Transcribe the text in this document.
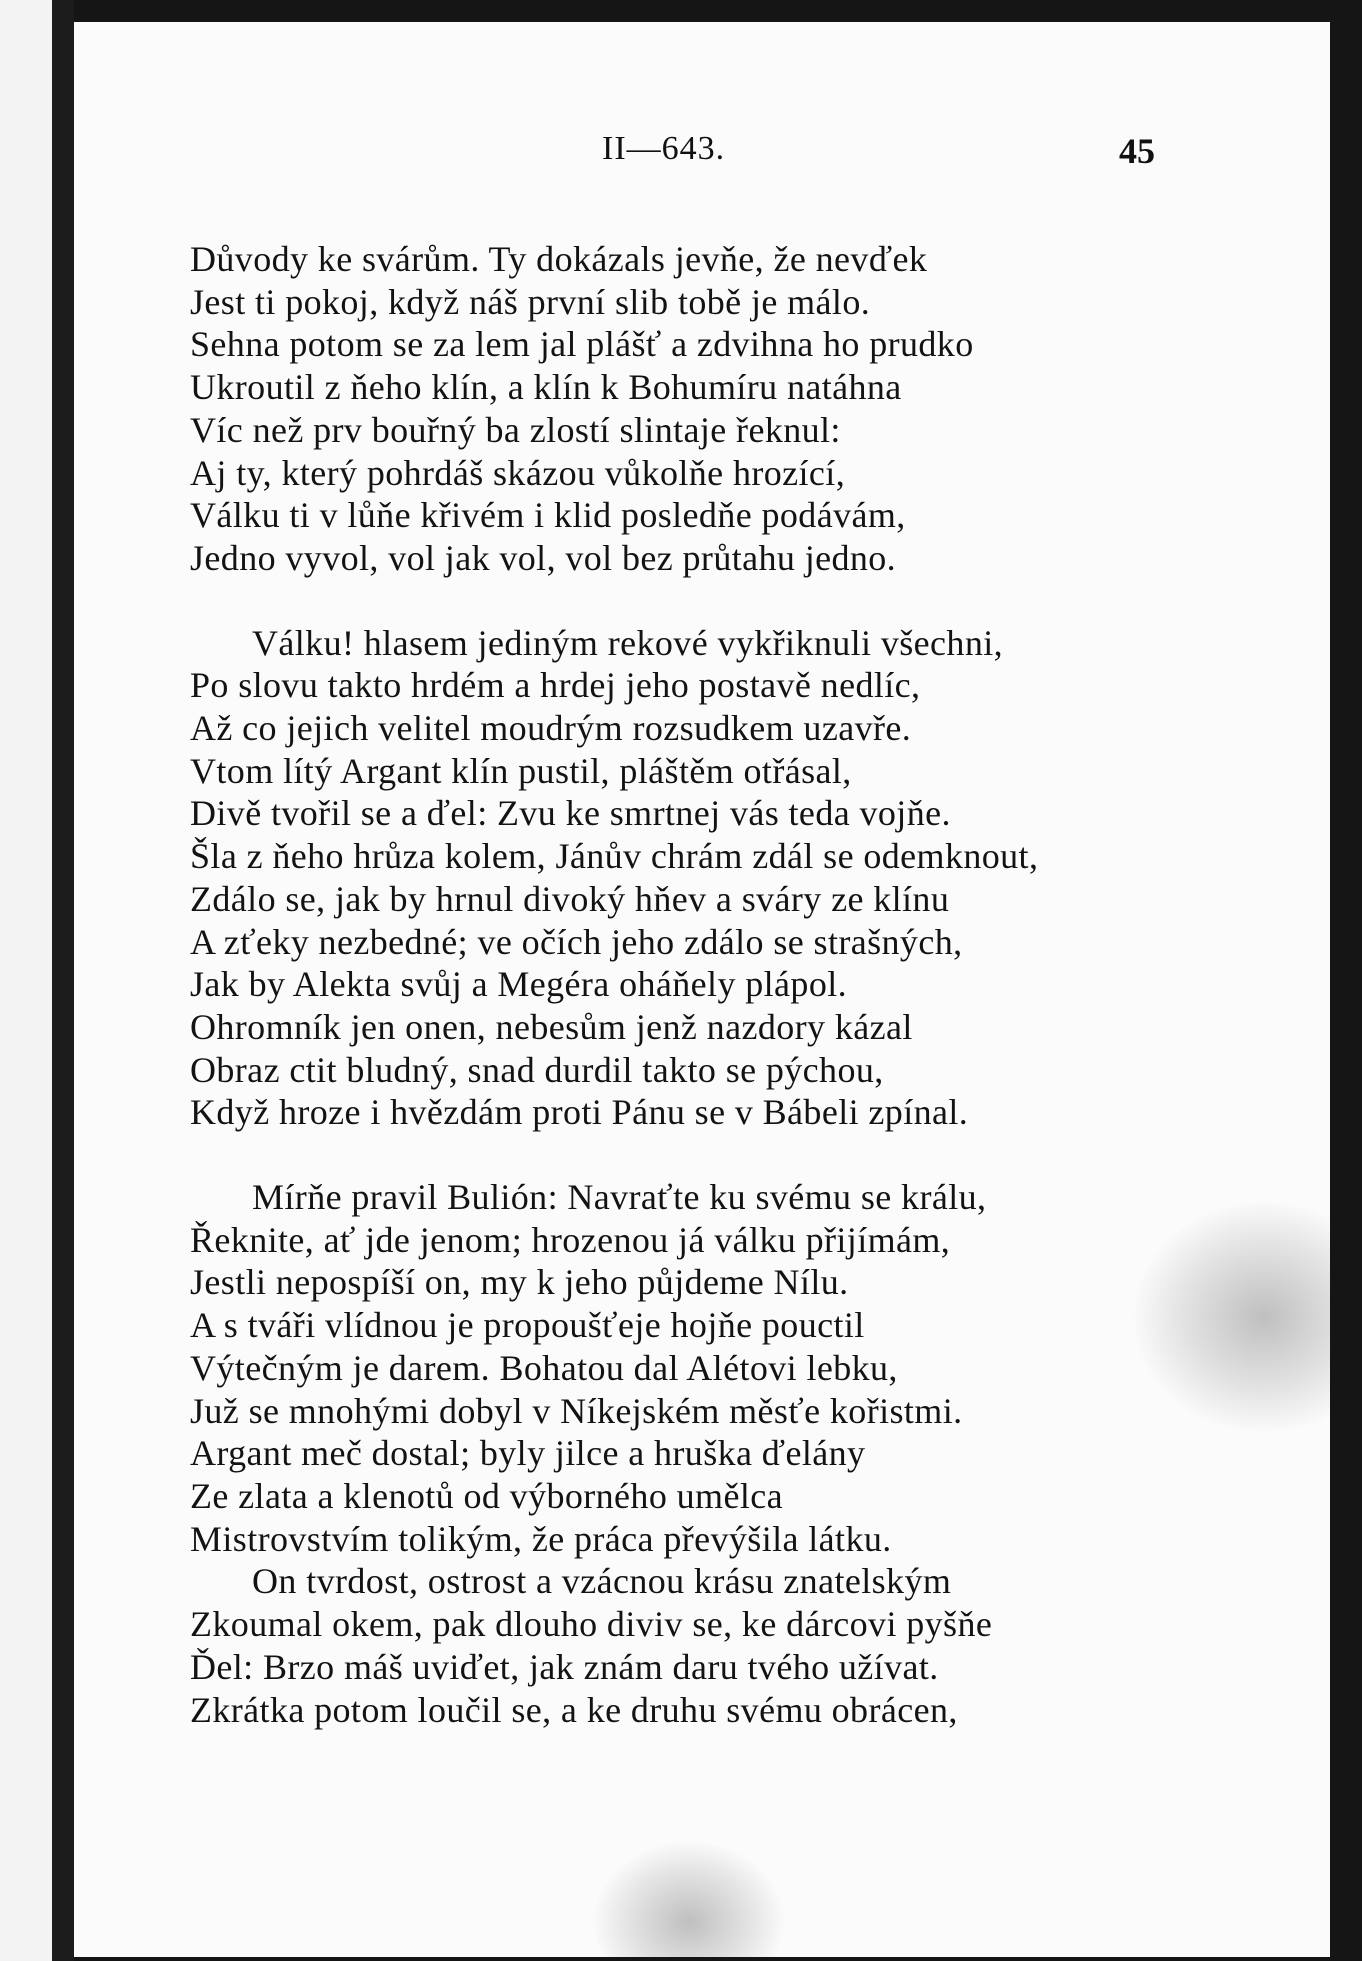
II—643.	45
Důvody ke svárům. Ty dokázals jevňe, že nevďek
Jest ti pokoj, když náš první slib tobě je málo.
Sehna potom se za lem jal plášť a zdvihna ho prudko
Ukroutil z ňeho klín, a klín k Bohumíru natáhna
Víc než prv bouřný ba zlostí slintaje řeknul:
Aj ty, který pohrdáš skázou vůkolňe hrozící,
Válku ti v lůňe křivém i klid posledňe podávám,
Jedno vyvol, vol jak vol, vol bez průtahu jedno.
Válku! hlasem jediným rekové vykřiknuli všechni,
Po slovu takto hrdém a hrdej jeho postavě nedlíc,
Až co jejich velitel moudrým rozsudkem uzavře.
Vtom lítý Argant klín pustil, pláštěm otřásal,
Divě tvořil se a ďel: Zvu ke smrtnej vás teda vojňe.
Šla z ňeho hrůza kolem, Jánův chrám zdál se odemknout,
Zdálo se, jak by hrnul divoký hňev a sváry ze klínu
A zťeky nezbedné; ve očích jeho zdálo se strašných,
Jak by Alekta svůj a Megéra oháňely plápol.
Ohromník jen onen, nebesům jenž nazdory kázal
Obraz ctit bludný, snad durdil takto se pýchou,
Když hroze i hvězdám proti Pánu se v Bábeli zpínal.
Mírňe pravil Bulión: Navraťte ku svému se králu,
Řeknite, ať jde jenom; hrozenou já válku přijímám,
Jestli nepospíší on, my k jeho půjdeme Nílu.
A s tváři vlídnou je propoušťeje hojňe pouctil
Výtečným je darem. Bohatou dal Alétovi lebku,
Juž se mnohými dobyl v Níkejském měsťe kořistmi.
Argant meč dostal; byly jilce a hruška ďelány
Ze zlata a klenotů od výborného umělca
Mistrovstvím tolikým, že práca převýšila látku.
On tvrdost, ostrost a vzácnou krásu znatelským
Zkoumal okem, pak dlouho diviv se, ke dárcovi pyšňe
Ďel: Brzo máš uviďet, jak znám daru tvého užívat.
Zkrátka potom loučil se, a ke druhu svému obrácen,
